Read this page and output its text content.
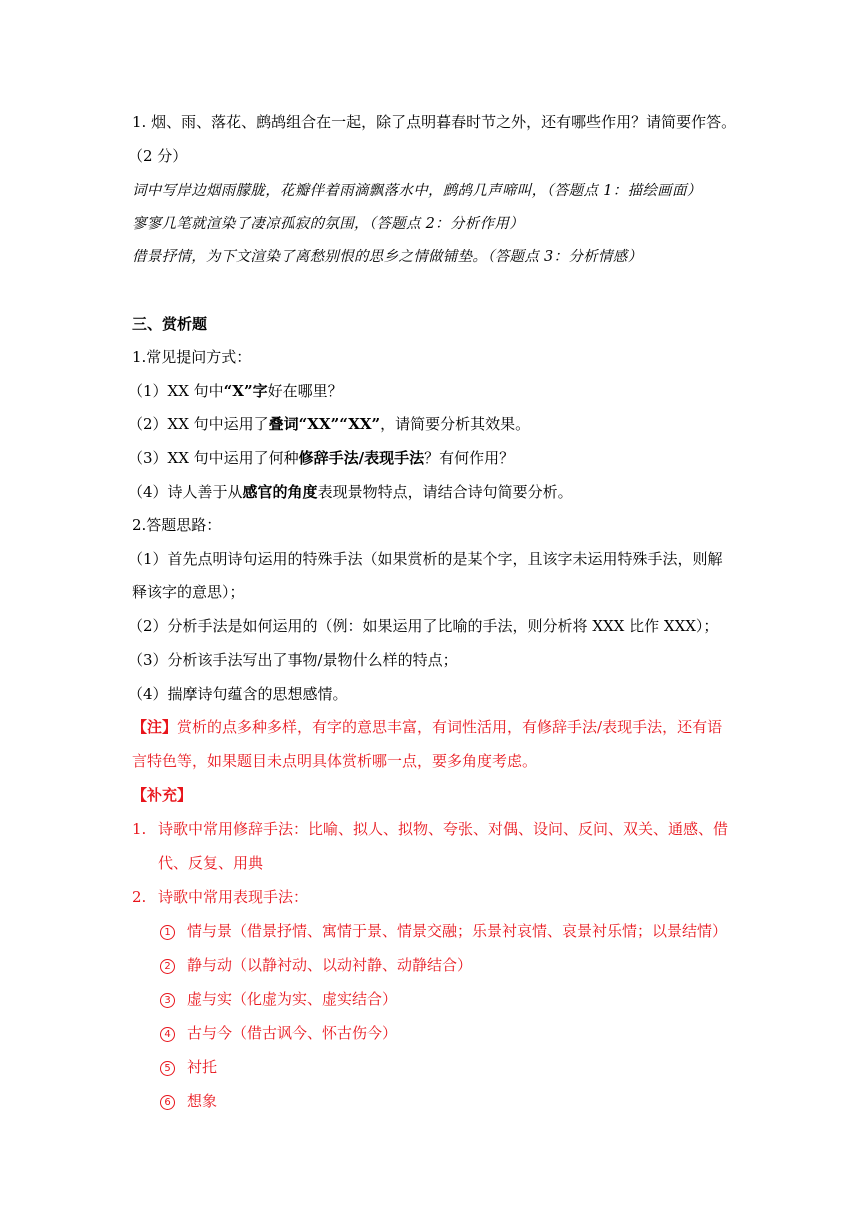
1. 烟、雨、落花、鹧鸪组合在一起，除了点明暮春时节之外，还有哪些作用？请简要作答。
（2 分）
词中写岸边烟雨朦胧，花瓣伴着雨滴飘落水中，鹧鸪几声啼叫，（答题点 1：描绘画面）
寥寥几笔就渲染了凄凉孤寂的氛围，（答题点 2：分析作用）
借景抒情，为下文渲染了离愁别恨的思乡之情做铺垫。（答题点 3：分析情感）
三、赏析题
1.常见提问方式：
（1）XX 句中“X”字好在哪里？
（2）XX 句中运用了叠词“XX”“XX”，请简要分析其效果。
（3）XX 句中运用了何种修辞手法/表现手法？有何作用？
（4）诗人善于从感官的角度表现景物特点，请结合诗句简要分析。
2.答题思路：
（1）首先点明诗句运用的特殊手法（如果赏析的是某个字，且该字未运用特殊手法，则解
释该字的意思）；
（2）分析手法是如何运用的（例：如果运用了比喻的手法，则分析将 XXX 比作 XXX）；
（3）分析该手法写出了事物/景物什么样的特点；
（4）揣摩诗句蕴含的思想感情。
【注】赏析的点多种多样，有字的意思丰富，有词性活用，有修辞手法/表现手法，还有语
言特色等，如果题目未点明具体赏析哪一点，要多角度考虑。
【补充】
1. 诗歌中常用修辞手法：比喻、拟人、拟物、夸张、对偶、设问、反问、双关、通感、借
代、反复、用典
2. 诗歌中常用表现手法：
1 情与景（借景抒情、寓情于景、情景交融；乐景衬哀情、哀景衬乐情；以景结情）
2 静与动（以静衬动、以动衬静、动静结合）
3 虚与实（化虚为实、虚实结合）
4 古与今（借古讽今、怀古伤今）
5 衬托
6 想象
